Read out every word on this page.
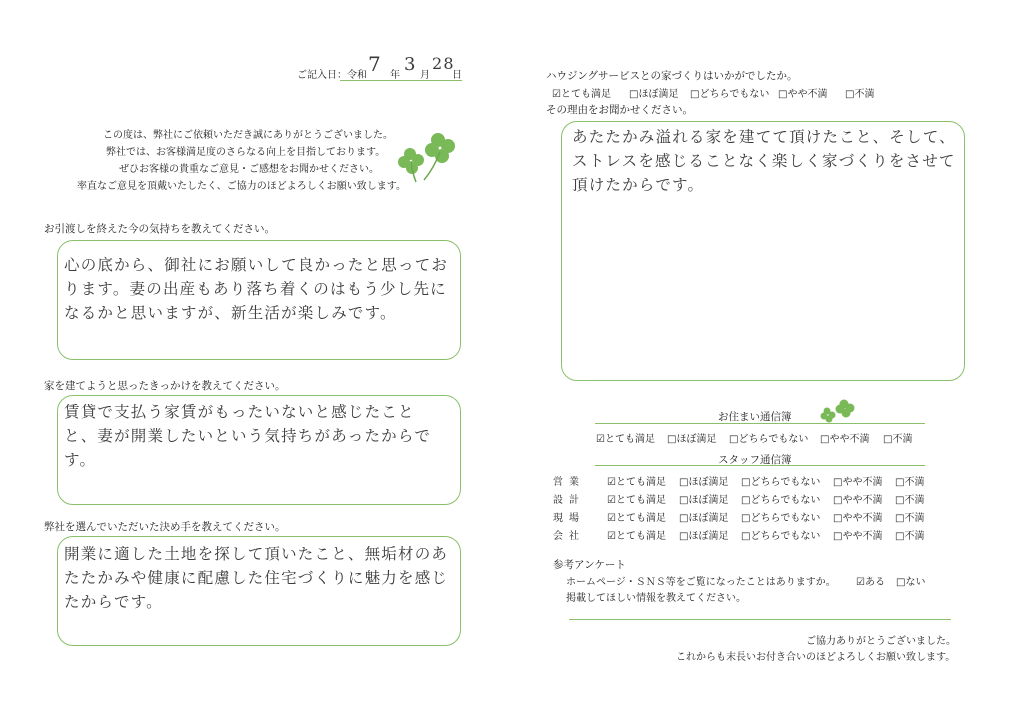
ご記入日：令和 7 年
3
月
28
日
この度は、弊社にご依頼いただき誠にありがとうございました。
弊社では、お客様満足度のさらなる向上を目指しております。
ぜひお客様の貴重なご意見・ご感想をお聞かせください。
率直なご意見を頂戴いたしたく、ご協力のほどよろしくお願い致します。
お引渡しを終えた今の気持ちを教えてください。
心の底から、御社にお願いして良かったと思っております。妻の出産もあり落ち着くのはもう少し先になるかと思いますが、新生活が楽しみです。
家を建てようと思ったきっかけを教えてください。
賃貸で支払う家賃がもったいないと感じたことと、妻が開業したいという気持ちがあったからです。
弊社を選んでいただいた決め手を教えてください。
開業に適した土地を探して頂いたこと、無垢材のあたたかみや健康に配慮した住宅づくりに魅力を感じたからです。
ハウジングサービスとの家づくりはいかがでしたか。
☑とても満足 □ほぼ満足 □どちらでもない □やや不満 □不満
その理由をお聞かせください。
あたたかみ溢れる家を建てて頂けたこと、そして、ストレスを感じることなく楽しく家づくりをさせて頂けたからです。
お住まい通信簿
☑とても満足 □ほぼ満足 □どちらでもない □やや不満 □不満
スタッフ通信簿
営業 ☑とても満足 □ほぼ満足 □どちらでもない □やや不満 □不満
設計 ☑とても満足 □ほぼ満足 □どちらでもない □やや不満 □不満
現場 ☑とても満足 □ほぼ満足 □どちらでもない □やや不満 □不満
会社 ☑とても満足 □ほぼ満足 □どちらでもない □やや不満 □不満
参考アンケート
ホームページ・ＳＮＳ等をご覧になったことはありますか。 ☑ある □ない
掲載してほしい情報を教えてください。
ご協力ありがとうございました。
これからも末長いお付き合いのほどよろしくお願い致します。
